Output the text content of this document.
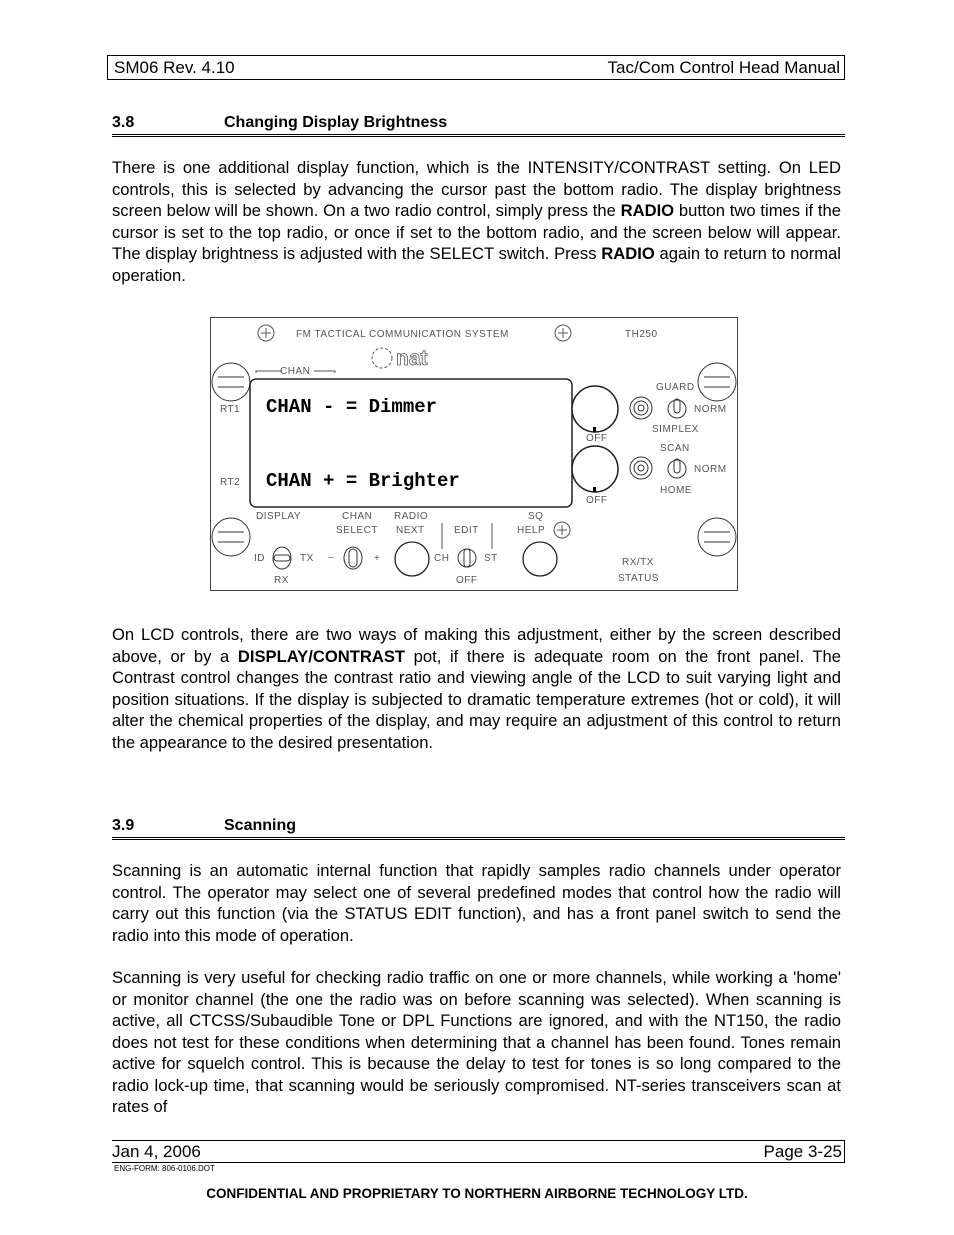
SM06 Rev. 4.10	Tac/Com Control Head Manual
3.8	Changing Display Brightness
There is one additional display function, which is the INTENSITY/CONTRAST setting. On LED controls, this is selected by advancing the cursor past the bottom radio. The display brightness screen below will be shown. On a two radio control, simply press the RADIO button two times if the cursor is set to the top radio, or once if set to the bottom radio, and the screen below will appear. The display brightness is adjusted with the SELECT switch. Press RADIO again to return to normal operation.
FM TACTICAL COMMUNICATION SYSTEM	TH250
nat
CHAN
RT1
RT2
CHAN - = Dimmer
CHAN + = Brighter
OFF
OFF
GUARD
NORM
SIMPLEX
SCAN
NORM
HOME
DISPLAY	CHAN
SELECT
RADIO
NEXT	EDIT
SQ
HELP
ID	TX
RX
−	+	CH	ST
OFF
RX/TX
STATUS
On LCD controls, there are two ways of making this adjustment, either by the screen described above, or by a DISPLAY/CONTRAST pot, if there is adequate room on the front panel. The Contrast control changes the contrast ratio and viewing angle of the LCD to suit varying light and position situations. If the display is subjected to dramatic temperature extremes (hot or cold), it will alter the chemical properties of the display, and may require an adjustment of this control to return the appearance to the desired presentation.
3.9	Scanning
Scanning is an automatic internal function that rapidly samples radio channels under operator control. The operator may select one of several predefined modes that control how the radio will carry out this function (via the STATUS EDIT function), and has a front panel switch to send the radio into this mode of operation.
Scanning is very useful for checking radio traffic on one or more channels, while working a 'home' or monitor channel (the one the radio was on before scanning was selected). When scanning is active, all CTCSS/Subaudible Tone or DPL Functions are ignored, and with the NT150, the radio does not test for these conditions when determining that a channel has been found. Tones remain active for squelch control. This is because the delay to test for tones is so long compared to the radio lock-up time, that scanning would be seriously compromised. NT-series transceivers scan at rates of
Jan 4, 2006	Page 3-25
ENG-FORM: 806-0106.DOT
CONFIDENTIAL AND PROPRIETARY TO NORTHERN AIRBORNE TECHNOLOGY LTD.
